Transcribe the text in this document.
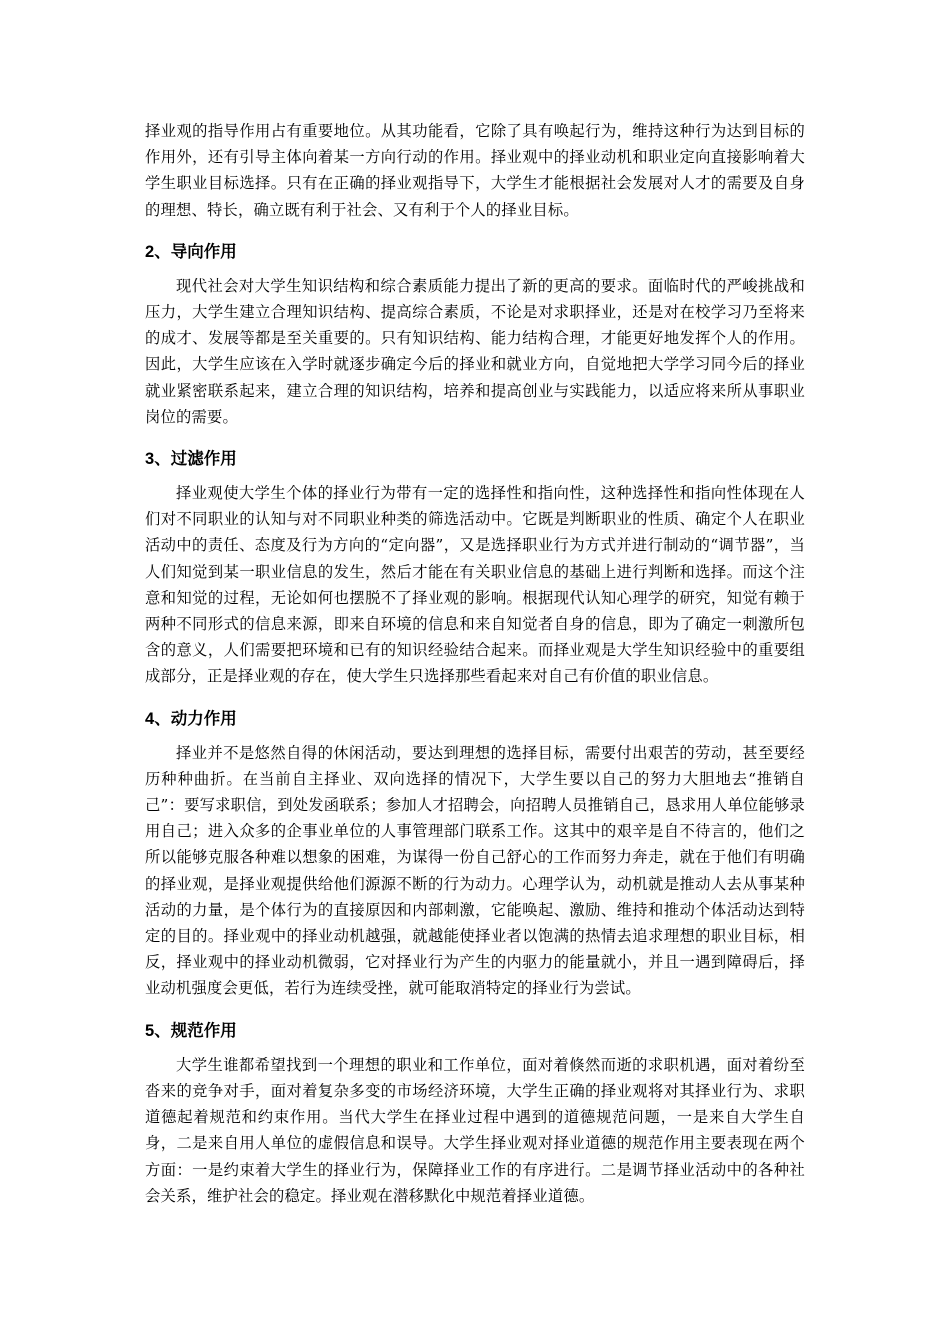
择业观的指导作用占有重要地位。从其功能看，它除了具有唤起行为，维持这种行为达到目标的作用外，还有引导主体向着某一方向行动的作用。择业观中的择业动机和职业定向直接影响着大学生职业目标选择。只有在正确的择业观指导下，大学生才能根据社会发展对人才的需要及自身的理想、特长，确立既有利于社会、又有利于个人的择业目标。

2、导向作用

现代社会对大学生知识结构和综合素质能力提出了新的更高的要求。面临时代的严峻挑战和压力，大学生建立合理知识结构、提高综合素质，不论是对求职择业，还是对在校学习乃至将来的成才、发展等都是至关重要的。只有知识结构、能力结构合理，才能更好地发挥个人的作用。因此，大学生应该在入学时就逐步确定今后的择业和就业方向，自觉地把大学学习同今后的择业就业紧密联系起来，建立合理的知识结构，培养和提高创业与实践能力，以适应将来所从事职业岗位的需要。

3、过滤作用

择业观使大学生个体的择业行为带有一定的选择性和指向性，这种选择性和指向性体现在人们对不同职业的认知与对不同职业种类的筛选活动中。它既是判断职业的性质、确定个人在职业活动中的责任、态度及行为方向的“定向器”，又是选择职业行为方式并进行制动的“调节器”，当人们知觉到某一职业信息的发生，然后才能在有关职业信息的基础上进行判断和选择。而这个注意和知觉的过程，无论如何也摆脱不了择业观的影响。根据现代认知心理学的研究，知觉有赖于两种不同形式的信息来源，即来自环境的信息和来自知觉者自身的信息，即为了确定一刺激所包含的意义，人们需要把环境和已有的知识经验结合起来。而择业观是大学生知识经验中的重要组成部分，正是择业观的存在，使大学生只选择那些看起来对自己有价值的职业信息。

4、动力作用

择业并不是悠然自得的休闲活动，要达到理想的选择目标，需要付出艰苦的劳动，甚至要经历种种曲折。在当前自主择业、双向选择的情况下，大学生要以自己的努力大胆地去“推销自己”：要写求职信，到处发函联系；参加人才招聘会，向招聘人员推销自己，恳求用人单位能够录用自己；进入众多的企事业单位的人事管理部门联系工作。这其中的艰辛是自不待言的，他们之所以能够克服各种难以想象的困难，为谋得一份自己舒心的工作而努力奔走，就在于他们有明确的择业观，是择业观提供给他们源源不断的行为动力。心理学认为，动机就是推动人去从事某种活动的力量，是个体行为的直接原因和内部刺激，它能唤起、激励、维持和推动个体活动达到特定的目的。择业观中的择业动机越强，就越能使择业者以饱满的热情去追求理想的职业目标，相反，择业观中的择业动机微弱，它对择业行为产生的内驱力的能量就小，并且一遇到障碍后，择业动机强度会更低，若行为连续受挫，就可能取消特定的择业行为尝试。

5、规范作用

大学生谁都希望找到一个理想的职业和工作单位，面对着倏然而逝的求职机遇，面对着纷至沓来的竞争对手，面对着复杂多变的市场经济环境，大学生正确的择业观将对其择业行为、求职道德起着规范和约束作用。当代大学生在择业过程中遇到的道德规范问题，一是来自大学生自身，二是来自用人单位的虚假信息和误导。大学生择业观对择业道德的规范作用主要表现在两个方面：一是约束着大学生的择业行为，保障择业工作的有序进行。二是调节择业活动中的各种社会关系，维护社会的稳定。择业观在潜移默化中规范着择业道德。
